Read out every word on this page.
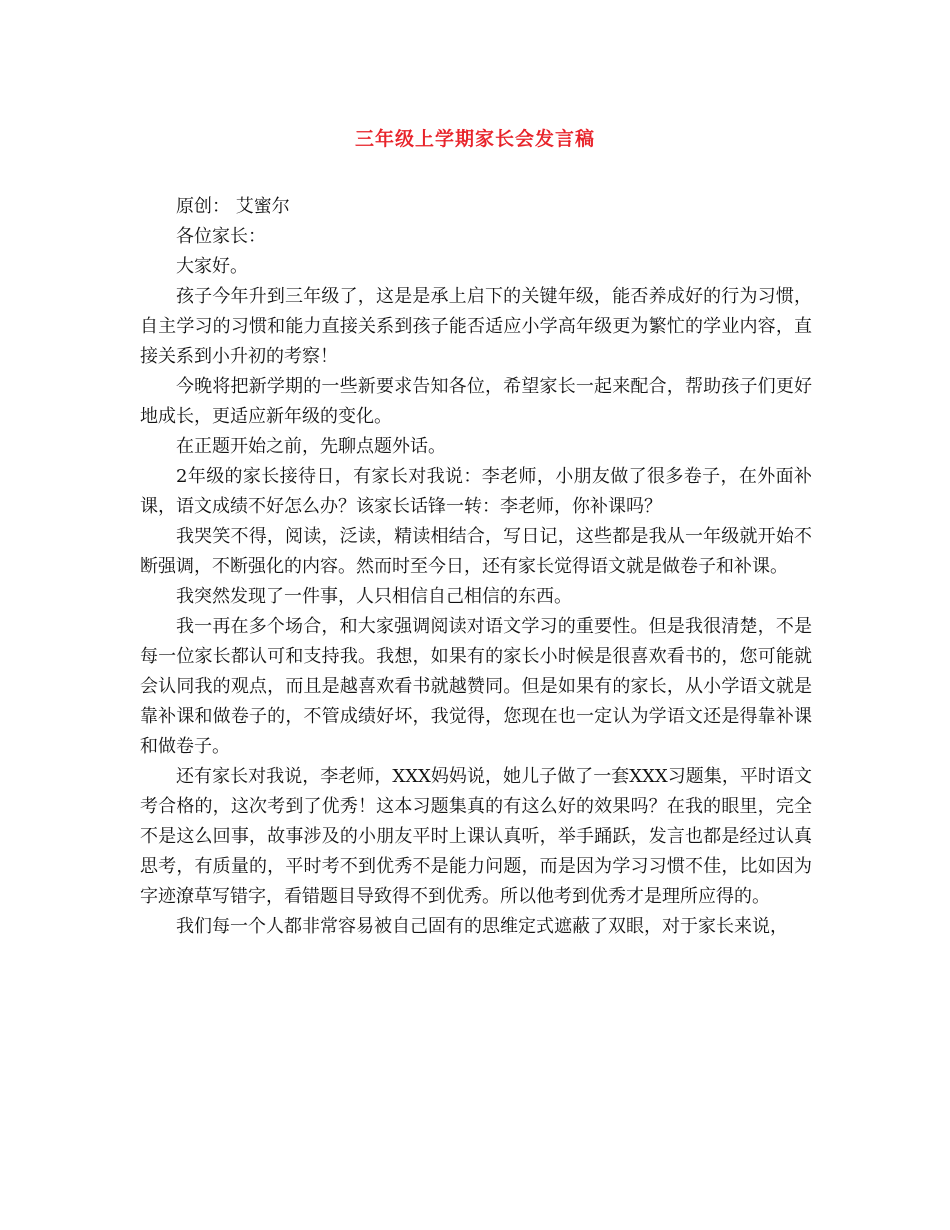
三年级上学期家长会发言稿

原创： 艾蜜尔

各位家长：

大家好。

孩子今年升到三年级了，这是是承上启下的关键年级，能否养成好的行为习惯，自主学习的习惯和能力直接关系到孩子能否适应小学高年级更为繁忙的学业内容，直接关系到小升初的考察！

今晚将把新学期的一些新要求告知各位，希望家长一起来配合，帮助孩子们更好地成长，更适应新年级的变化。

在正题开始之前，先聊点题外话。

2年级的家长接待日，有家长对我说：李老师，小朋友做了很多卷子，在外面补课，语文成绩不好怎么办？该家长话锋一转：李老师，你补课吗？

我哭笑不得，阅读，泛读，精读相结合，写日记，这些都是我从一年级就开始不断强调，不断强化的内容。然而时至今日，还有家长觉得语文就是做卷子和补课。

我突然发现了一件事，人只相信自己相信的东西。

我一再在多个场合，和大家强调阅读对语文学习的重要性。但是我很清楚，不是每一位家长都认可和支持我。我想，如果有的家长小时候是很喜欢看书的，您可能就会认同我的观点，而且是越喜欢看书就越赞同。但是如果有的家长，从小学语文就是靠补课和做卷子的，不管成绩好坏，我觉得，您现在也一定认为学语文还是得靠补课和做卷子。

还有家长对我说，李老师，XXX妈妈说，她儿子做了一套XXX习题集，平时语文考合格的，这次考到了优秀！这本习题集真的有这么好的效果吗？在我的眼里，完全不是这么回事，故事涉及的小朋友平时上课认真听，举手踊跃，发言也都是经过认真思考，有质量的，平时考不到优秀不是能力问题，而是因为学习习惯不佳，比如因为字迹潦草写错字，看错题目导致得不到优秀。所以他考到优秀才是理所应得的。

我们每一个人都非常容易被自己固有的思维定式遮蔽了双眼，对于家长来说，
